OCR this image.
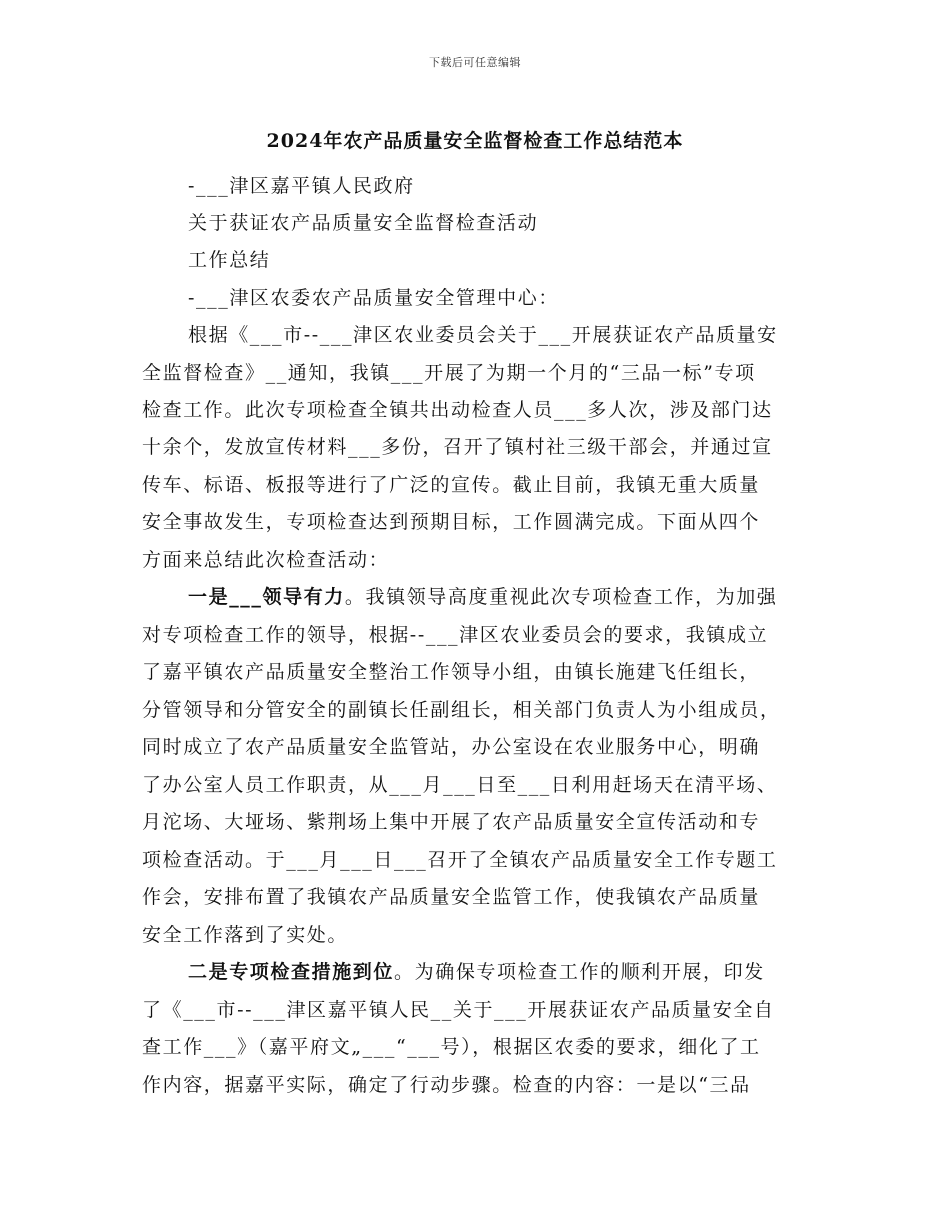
下载后可任意编辑
2024年农产品质量安全监督检查工作总结范本
-___津区嘉平镇人民政府
关于获证农产品质量安全监督检查活动
工作总结
-___津区农委农产品质量安全管理中心：
根据《___市--___津区农业委员会关于___开展获证农产品质量安
全监督检查》__通知，我镇___开展了为期一个月的“三品一标”专项
检查工作。此次专项检查全镇共出动检查人员___多人次，涉及部门达
十余个，发放宣传材料___多份，召开了镇村社三级干部会，并通过宣
传车、标语、板报等进行了广泛的宣传。截止目前，我镇无重大质量
安全事故发生，专项检查达到预期目标，工作圆满完成。下面从四个
方面来总结此次检查活动：
一是___领导有力。我镇领导高度重视此次专项检查工作，为加强
对专项检查工作的领导，根据--___津区农业委员会的要求，我镇成立
了嘉平镇农产品质量安全整治工作领导小组，由镇长施建飞任组长，
分管领导和分管安全的副镇长任副组长，相关部门负责人为小组成员，
同时成立了农产品质量安全监管站，办公室设在农业服务中心，明确
了办公室人员工作职责，从___月___日至___日利用赶场天在清平场、
月沱场、大垭场、紫荆场上集中开展了农产品质量安全宣传活动和专
项检查活动。于___月___日___召开了全镇农产品质量安全工作专题工
作会，安排布置了我镇农产品质量安全监管工作，使我镇农产品质量
安全工作落到了实处。
二是专项检查措施到位。为确保专项检查工作的顺利开展，印发
了《___市--___津区嘉平镇人民__关于___开展获证农产品质量安全自
查工作___》（嘉平府文„___“___号），根据区农委的要求，细化了工
作内容，据嘉平实际，确定了行动步骤。检查的内容：一是以“三品
